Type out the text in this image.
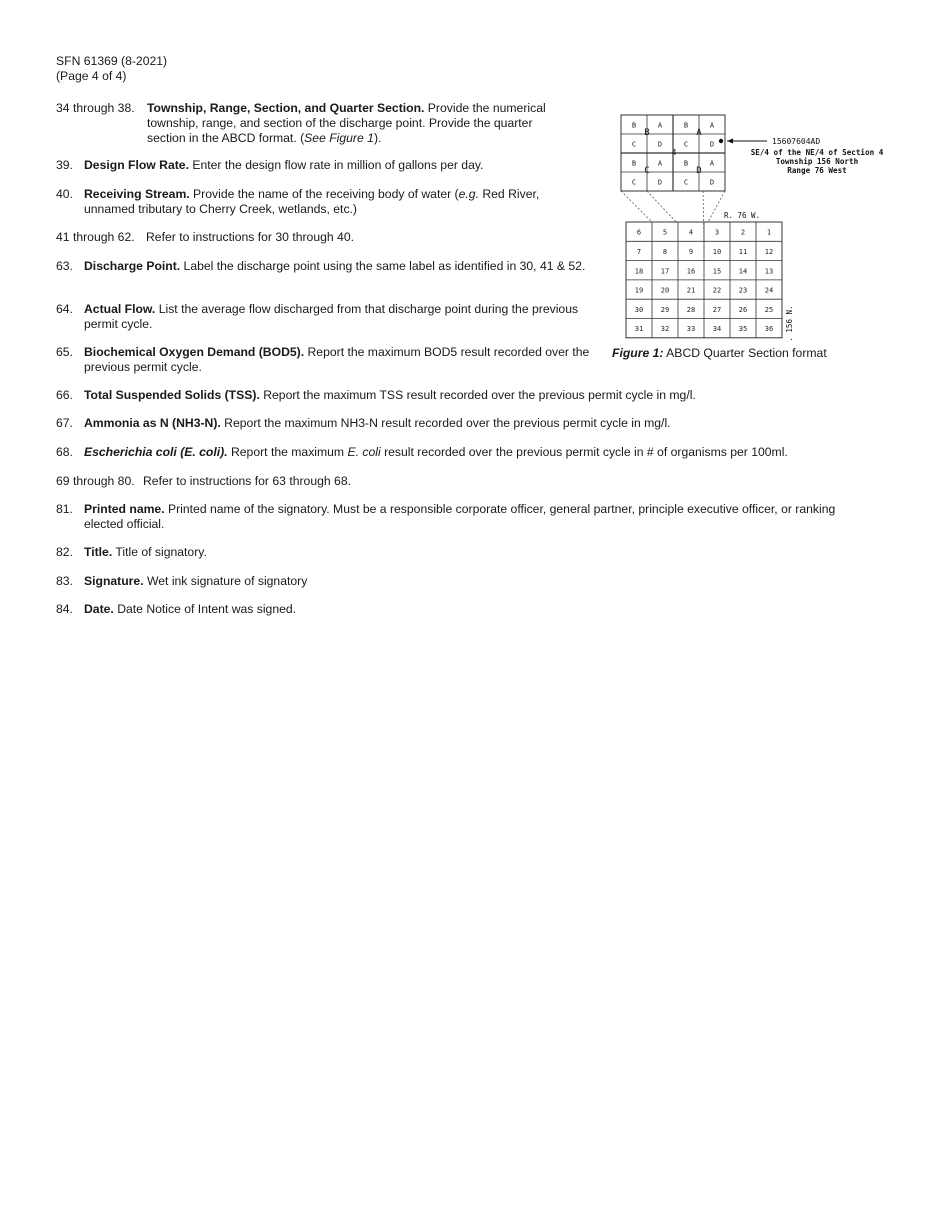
SFN 61369 (8-2021)
(Page 4 of 4)
34 through 38. Township, Range, Section, and Quarter Section. Provide the numerical township, range, and section of the discharge point. Provide the quarter section in the ABCD format. (See Figure 1).
39. Design Flow Rate. Enter the design flow rate in million of gallons per day.
40. Receiving Stream. Provide the name of the receiving body of water (e.g. Red River, unnamed tributary to Cherry Creek, wetlands, etc.)
41 through 62. Refer to instructions for 30 through 40.
63. Discharge Point. Label the discharge point using the same label as identified in 30, 41 & 52.
64. Actual Flow. List the average flow discharged from that discharge point during the previous permit cycle.
65. Biochemical Oxygen Demand (BOD5). Report the maximum BOD5 result recorded over the previous permit cycle.
66. Total Suspended Solids (TSS). Report the maximum TSS result recorded over the previous permit cycle in mg/l.
67. Ammonia as N (NH3-N). Report the maximum NH3-N result recorded over the previous permit cycle in mg/l.
68. Escherichia coli (E. coli). Report the maximum E. coli result recorded over the previous permit cycle in # of organisms per 100ml.
69 through 80. Refer to instructions for 63 through 68.
81. Printed name. Printed name of the signatory. Must be a responsible corporate officer, general partner, principle executive officer, or ranking elected official.
82. Title. Title of signatory.
83. Signature. Wet ink signature of signatory
84. Date. Date Notice of Intent was signed.
B	A	B	A
C	D	C	D
B	A	B	A
C	D	C	D
B	A
C	D
4
15607604AD
SE/4 of the NE/4 of Section 4
Township 156 North
Range 76 West
R. 76 W.
6	5	4	3	2	1
7	8	9	10	11	12
18	17	16	15	14	13
19	20	21	22	23	24
30	29	28	27	26	25
31	32	33	34	35	36 T. 156 N.
Figure 1: ABCD Quarter Section format
